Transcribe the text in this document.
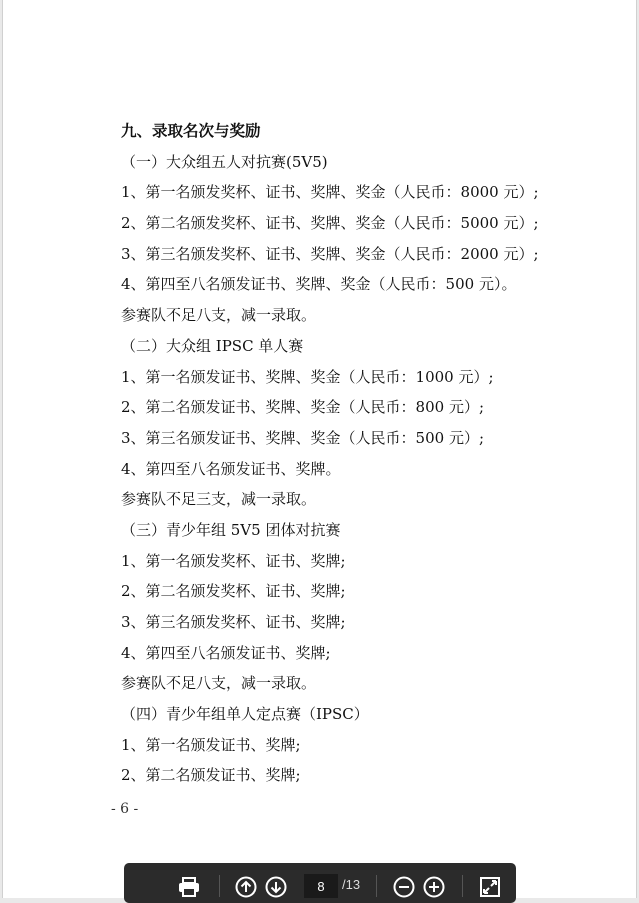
九、录取名次与奖励
（一）大众组五人对抗赛(5V5)
1、第一名颁发奖杯、证书、奖牌、奖金（人民币：8000 元）;
2、第二名颁发奖杯、证书、奖牌、奖金（人民币：5000 元）;
3、第三名颁发奖杯、证书、奖牌、奖金（人民币：2000 元）;
4、第四至八名颁发证书、奖牌、奖金（人民币：500 元）。
参赛队不足八支，减一录取。
（二）大众组 IPSC 单人赛
1、第一名颁发证书、奖牌、奖金（人民币：1000 元）;
2、第二名颁发证书、奖牌、奖金（人民币：800 元）;
3、第三名颁发证书、奖牌、奖金（人民币：500 元）;
4、第四至八名颁发证书、奖牌。
参赛队不足三支，减一录取。
（三）青少年组 5V5 团体对抗赛
1、第一名颁发奖杯、证书、奖牌;
2、第二名颁发奖杯、证书、奖牌;
3、第三名颁发奖杯、证书、奖牌;
4、第四至八名颁发证书、奖牌;
参赛队不足八支，减一录取。
（四）青少年组单人定点赛（IPSC）
1、第一名颁发证书、奖牌;
2、第二名颁发证书、奖牌;
- 6 -
8
/13
